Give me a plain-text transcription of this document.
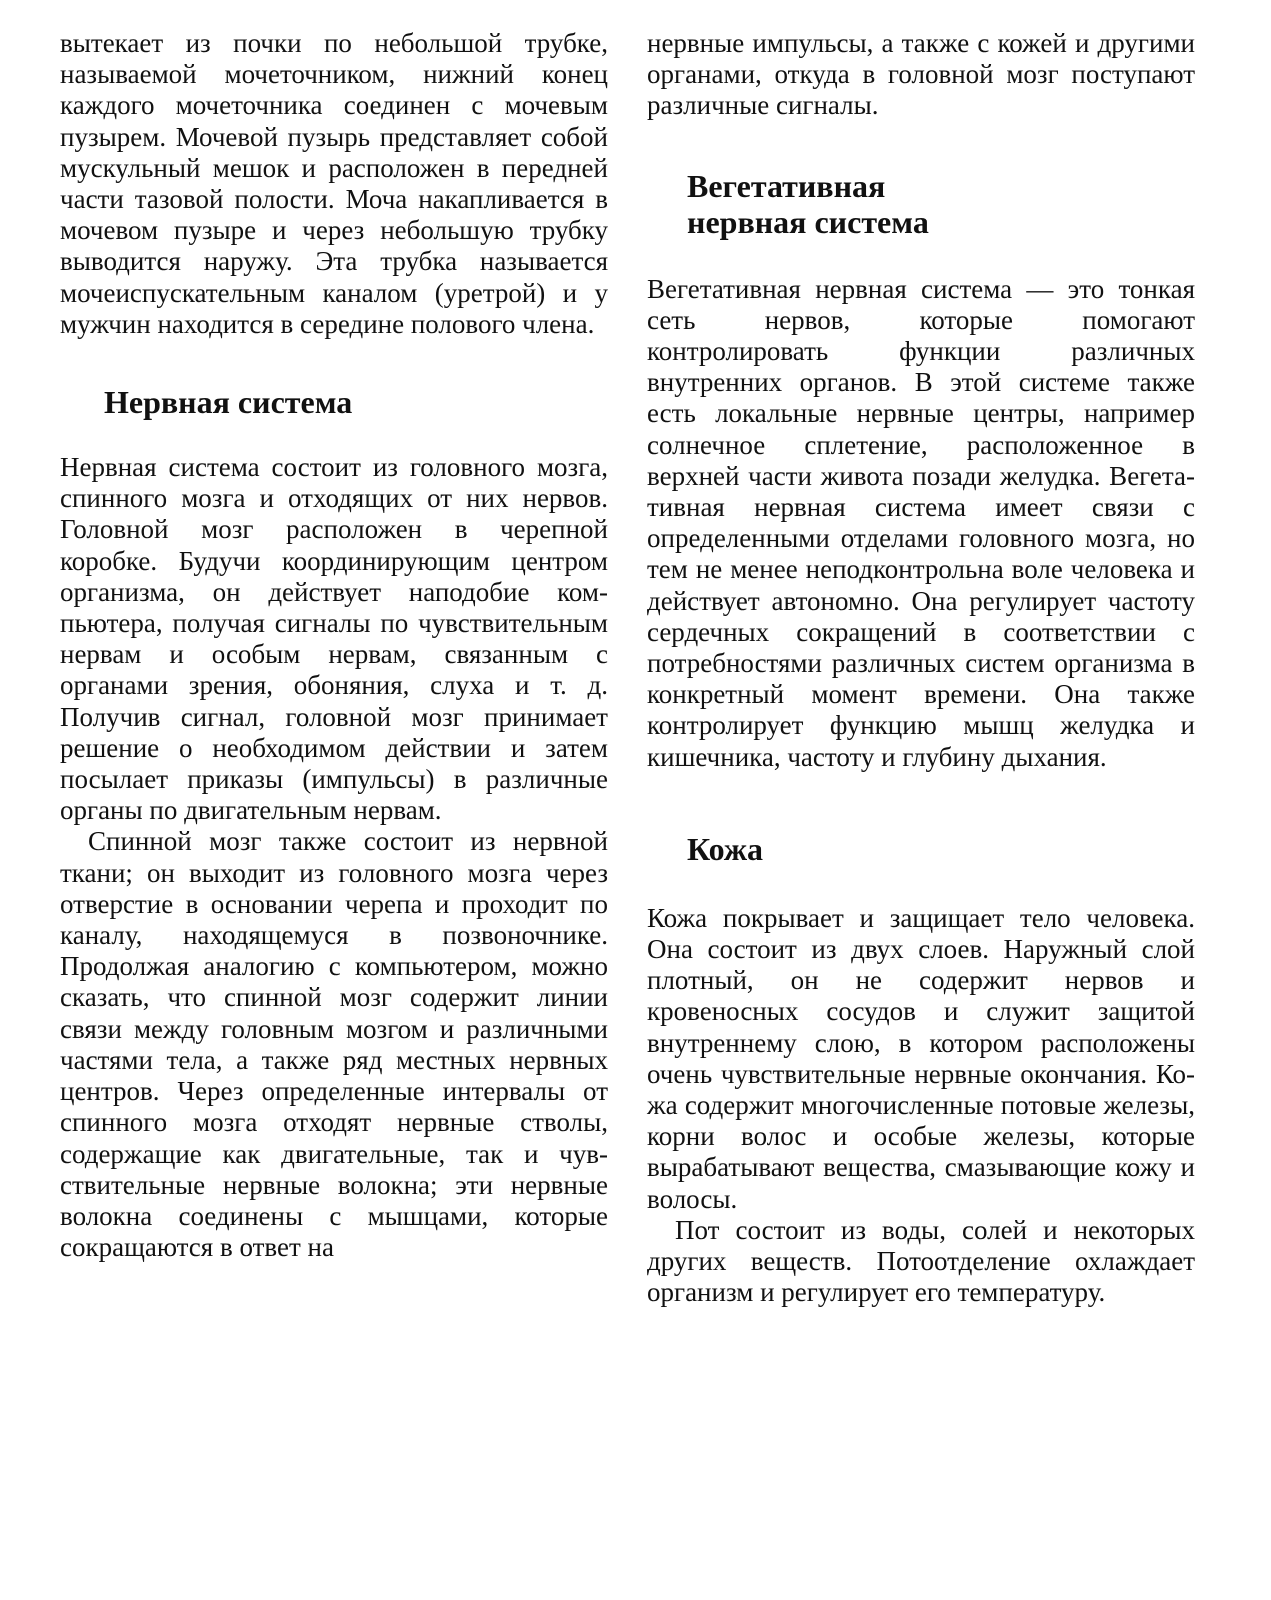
вытекает из почки по небольшой трубке, называемой мочеточником, нижний конец каждого мочеточника соединен с мочевым пузырем. Мочевой пузырь представляет собой мускульный мешок и расположен в передней части тазовой полости. Моча накапливается в мочевом пузыре и через небольшую трубку выводится наружу. Эта трубка называется мочеиспускательным каналом (уретрой) и у мужчин находится в середине полового члена.

Нервная система

Нервная система состоит из головного мозга, спинного мозга и отходящих от них нервов. Головной мозг расположен в черепной коробке. Будучи координирующим центром организма, он действует наподобие компьютера, получая сигналы по чувствительным нервам и особым нервам, связанным с органами зрения, обоняния, слуха и т. д. Получив сигнал, головной мозг принимает решение о необходимом действии и затем посылает приказы (импульсы) в различные органы по двигательным нервам.

Спинной мозг также состоит из нервной ткани; он выходит из головного мозга через отверстие в основании черепа и проходит по каналу, находящемуся в позвоночнике. Продолжая аналогию с компьютером, можно сказать, что спинной мозг содержит линии связи между головным мозгом и различными частями тела, а также ряд местных нервных центров. Через определенные интервалы от спинного мозга отходят нервные стволы, содержащие как двигательные, так и чувствительные нервные волокна; эти нервные волокна соединены с мышцами, которые сокращаются в ответ на

нервные импульсы, а также с кожей и другими органами, откуда в головной мозг поступают различные сигналы.

Вегетативная
нервная система

Вегетативная нервная система — это тонкая сеть нервов, которые помогают контролировать функции различных внутренних органов. В этой системе также есть локальные нервные центры, например солнечное сплетение, расположенное в верхней части живота позади желудка. Вегетативная нервная система имеет связи с определенными отделами головного мозга, но тем не менее неподконтрольна воле человека и действует автономно. Она регулирует частоту сердечных сокращений в соответствии с потребностями различных систем организма в конкретный момент времени. Она также контролирует функцию мышц желудка и кишечника, частоту и глубину дыхания.

Кожа

Кожа покрывает и защищает тело человека. Она состоит из двух слоев. Наружный слой плотный, он не содержит нервов и кровеносных сосудов и служит защитой внутреннему слою, в котором расположены очень чувствительные нервные окончания. Кожа содержит многочисленные потовые железы, корни волос и особые железы, которые вырабатывают вещества, смазывающие кожу и волосы.

Пот состоит из воды, солей и некоторых других веществ. Потоотделение охлаждает организм и регулирует его температуру.
